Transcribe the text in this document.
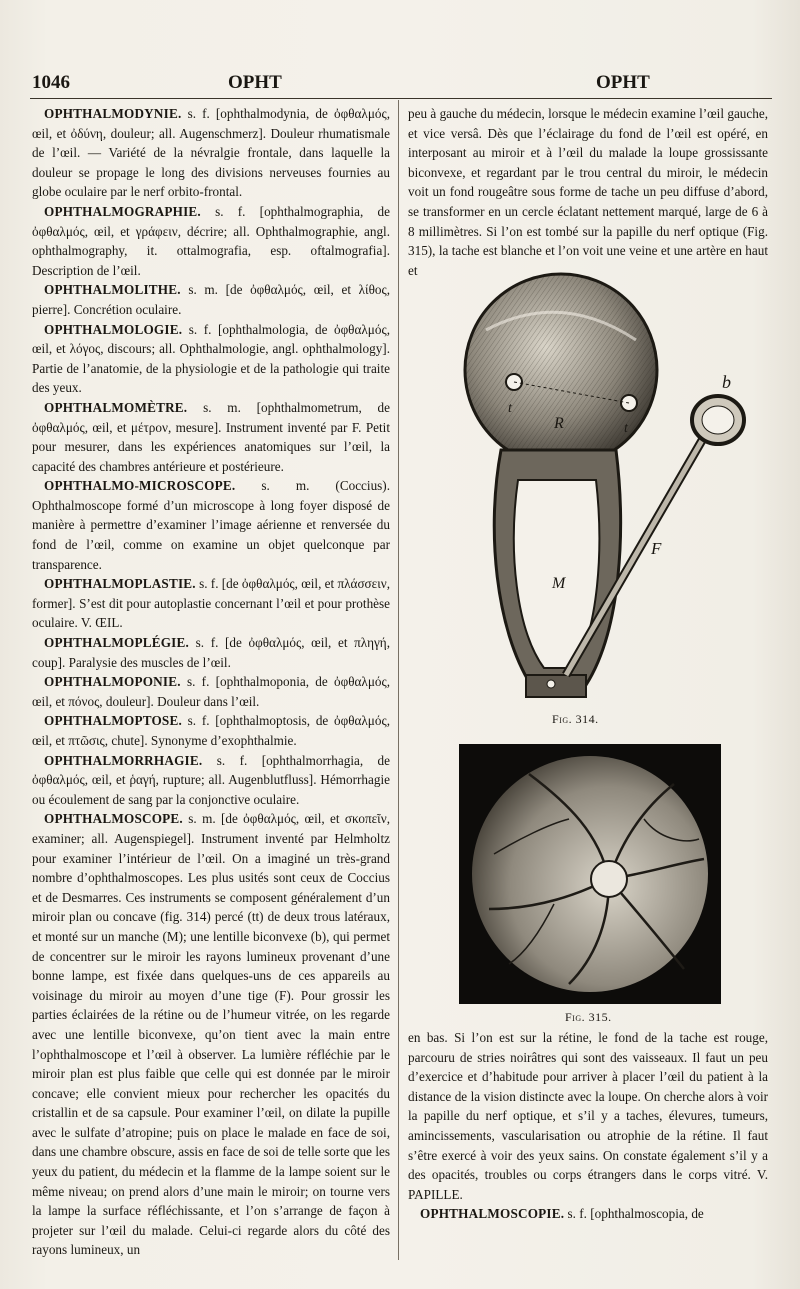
1046	OPHT	OPHT

OPHTHALMODYNIE. s. f. [ophthalmodynia, de ὀφθαλμός, œil, et ὀδύνη, douleur; all. Augenschmerz]. Douleur rhumatismale de l’œil. — Variété de la névralgie frontale, dans laquelle la douleur se propage le long des divisions nerveuses fournies au globe oculaire par le nerf orbito-frontal.

OPHTHALMOGRAPHIE. s. f. [ophthalmographia, de ὀφθαλμός, œil, et γράφειν, décrire; all. Ophthalmographie, angl. ophthalmography, it. ottalmografia, esp. oftalmografia]. Description de l’œil.

OPHTHALMOLITHE. s. m. [de ὀφθαλμός, œil, et λίθος, pierre]. Concrétion oculaire.

OPHTHALMOLOGIE. s. f. [ophthalmologia, de ὀφθαλμός, œil, et λόγος, discours; all. Ophthalmologie, angl. ophthalmology]. Partie de l’anatomie, de la physiologie et de la pathologie qui traite des yeux.

OPHTHALMOMÈTRE. s. m. [ophthalmometrum, de ὀφθαλμός, œil, et μέτρον, mesure]. Instrument inventé par F. Petit pour mesurer, dans les expériences anatomiques sur l’œil, la capacité des chambres antérieure et postérieure.

OPHTHALMO-MICROSCOPE. s. m. (Coccius). Ophthalmoscope formé d’un microscope à long foyer disposé de manière à permettre d’examiner l’image aérienne et renversée du fond de l’œil, comme on examine un objet quelconque par transparence.

OPHTHALMOPLASTIE. s. f. [de ὀφθαλμός, œil, et πλάσσειν, former]. S’est dit pour autoplastie concernant l’œil et pour prothèse oculaire. V. ŒIL.

OPHTHALMOPLÉGIE. s. f. [de ὀφθαλμός, œil, et πληγή, coup]. Paralysie des muscles de l’œil.

OPHTHALMOPONIE. s. f. [ophthalmoponia, de ὀφθαλμός, œil, et πόνος, douleur]. Douleur dans l’œil.

OPHTHALMOPTOSE. s. f. [ophthalmoptosis, de ὀφθαλμός, œil, et πτῶσις, chute]. Synonyme d’exophthalmie.

OPHTHALMORRHAGIE. s. f. [ophthalmorrhagia, de ὀφθαλμός, œil, et ῥαγή, rupture; all. Augenblutfluss]. Hémorrhagie ou écoulement de sang par la conjonctive oculaire.

OPHTHALMOSCOPE. s. m. [de ὀφθαλμός, œil, et σκοπεῖν, examiner; all. Augenspiegel]. Instrument inventé par Helmholtz pour examiner l’intérieur de l’œil. On a imaginé un très-grand nombre d’ophthalmoscopes. Les plus usités sont ceux de Coccius et de Desmarres. Ces instruments se composent généralement d’un miroir plan ou concave (fig. 314) percé (tt) de deux trous latéraux, et monté sur un manche (M); une lentille biconvexe (b), qui permet de concentrer sur le miroir les rayons lumineux provenant d’une bonne lampe, est fixée dans quelques-uns de ces appareils au voisinage du miroir au moyen d’une tige (F). Pour grossir les parties éclairées de la rétine ou de l’humeur vitrée, on les regarde avec une lentille biconvexe, qu’on tient avec la main entre l’ophthalmoscope et l’œil à observer. La lumière réfléchie par le miroir plan est plus faible que celle qui est donnée par le miroir concave; elle convient mieux pour rechercher les opacités du cristallin et de sa capsule. Pour examiner l’œil, on dilate la pupille avec le sulfate d’atropine; puis on place le malade en face de soi, dans une chambre obscure, assis en face de soi de telle sorte que les yeux du patient, du médecin et la flamme de la lampe soient sur le même niveau; on prend alors d’une main le miroir; on tourne vers la lampe la surface réfléchissante, et l’on s’arrange de façon à projeter sur l’œil du malade. Celui-ci regarde alors du côté des rayons lumineux, un

peu à gauche du médecin, lorsque le médecin examine l’œil gauche, et vice versâ. Dès que l’éclairage du fond de l’œil est opéré, en interposant au miroir et à l’œil du malade la loupe grossissante biconvexe, et regardant par le trou central du miroir, le médecin voit un fond rougeâtre sous forme de tache un peu diffuse d’abord, se transformer en un cercle éclatant nettement marqué, large de 6 à 8 millimètres. Si l’on est tombé sur la papille du nerf optique (Fig. 315), la tache est blanche et l’on voit une veine et une artère en haut et

t
t
R
b
F
M
Fig. 314.
Fig. 315.

en bas. Si l’on est sur la rétine, le fond de la tache est rouge, parcouru de stries noirâtres qui sont des vaisseaux. Il faut un peu d’exercice et d’habitude pour arriver à placer l’œil du patient à la distance de la vision distincte avec la loupe. On cherche alors à voir la papille du nerf optique, et s’il y a taches, élevures, tumeurs, amincissements, vascularisation ou atrophie de la rétine. Il faut s’être exercé à voir des yeux sains. On constate également s’il y a des opacités, troubles ou corps étrangers dans le corps vitré. V. PAPILLE.

OPHTHALMOSCOPIE. s. f. [ophthalmoscopia, de
